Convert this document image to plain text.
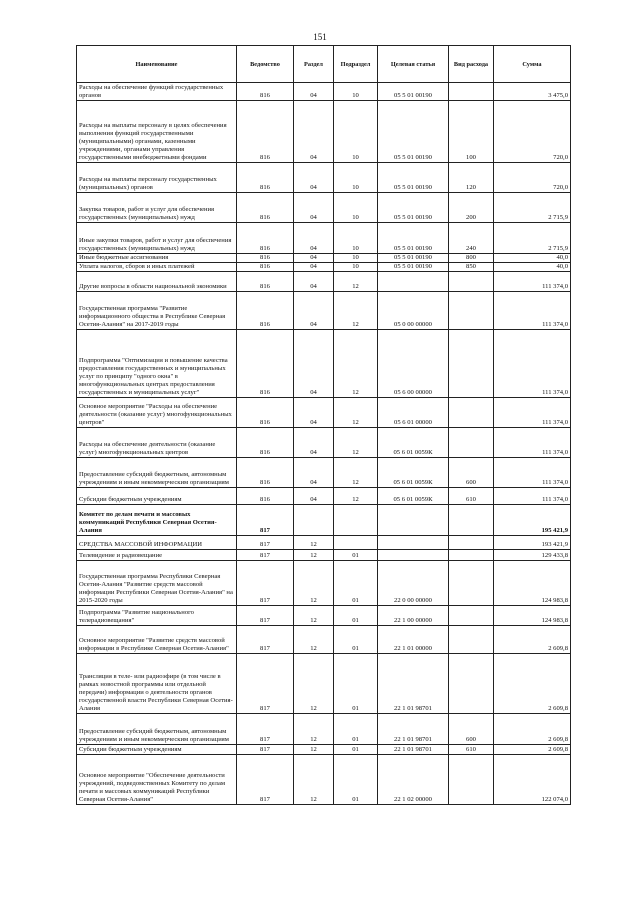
151
Наименование	Ведомство	Раздел	Подраздел	Целевая статья	Вид расхода	Сумма
Расходы на обеспечение функций государственных органов	816	04	10	05 5 01 00190		3 475,0
Расходы на выплаты персоналу в целях обеспечения выполнения функций государственными (муниципальными) органами, казенными учреждениями, органами управления государственными внебюджетными фондами	816	04	10	05 5 01 00190	100	720,0
Расходы на выплаты персоналу государственных (муниципальных) органов	816	04	10	05 5 01 00190	120	720,0
Закупка товаров, работ и услуг для обеспечения государственных (муниципальных) нужд	816	04	10	05 5 01 00190	200	2 715,9
Иные закупки товаров, работ и услуг для обеспечения государственных (муниципальных) нужд	816	04	10	05 5 01 00190	240	2 715,9
Иные бюджетные ассигнования	816	04	10	05 5 01 00190	800	40,0
Уплата налогов, сборов и иных платежей	816	04	10	05 5 01 00190	850	40,0
Другие вопросы в области национальной экономики	816	04	12			111 374,0
Государственная программа "Развитие информационного общества в Республике Северная Осетия-Алания" на 2017-2019 годы	816	04	12	05 0 00 00000		111 374,0
Подпрограмма "Оптимизация и повышение качества предоставления государственных и муниципальных услуг по принципу "одного окна" в многофункциональных центрах предоставления государственных и муниципальных услуг"	816	04	12	05 6 00 00000		111 374,0
Основное мероприятие "Расходы на обеспечение деятельности (оказание услуг) многофункциональных центров"	816	04	12	05 6 01 00000		111 374,0
Расходы на обеспечение деятельности (оказание услуг) многофункциональных центров	816	04	12	05 6 01 0059К		111 374,0
Предоставление субсидий бюджетным, автономным учреждениям и иным некоммерческим организациям	816	04	12	05 6 01 0059К	600	111 374,0
Субсидии бюджетным учреждениям	816	04	12	05 6 01 0059К	610	111 374,0
Комитет по делам печати и массовых коммуникаций Республики Северная Осетия-Алания	817					195 421,9
СРЕДСТВА МАССОВОЙ ИНФОРМАЦИИ	817	12				193 421,9
Телевидение и радиовещание	817	12	01			129 433,8
Государственная программа Республики Северная Осетия-Алания "Развитие средств массовой информации Республики Северная Осетия-Алания" на 2015-2020 годы	817	12	01	22 0 00 00000		124 983,8
Подпрограмма "Развитие национального телерадиовещания"	817	12	01	22 1 00 00000		124 983,8
Основное мероприятие "Развитие средств массовой информации в Республике Северная Осетия-Алания"	817	12	01	22 1 01 00000		2 609,8
Трансляция в теле- или радиоэфире (в том числе в рамках новостной программы или отдельной передачи) информации о деятельности органов государственной власти Республики Северная Осетия-Алания	817	12	01	22 1 01 98701		2 609,8
Предоставление субсидий бюджетным, автономным учреждениям и иным некоммерческим организациям	817	12	01	22 1 01 98701	600	2 609,8
Субсидии бюджетным учреждениям	817	12	01	22 1 01 98701	610	2 609,8
Основное мероприятие "Обеспечение деятельности учреждений, подведомственных Комитету по делам печати и массовых коммуникаций Республики Северная Осетия-Алания"	817	12	01	22 1 02 00000		122 074,0
